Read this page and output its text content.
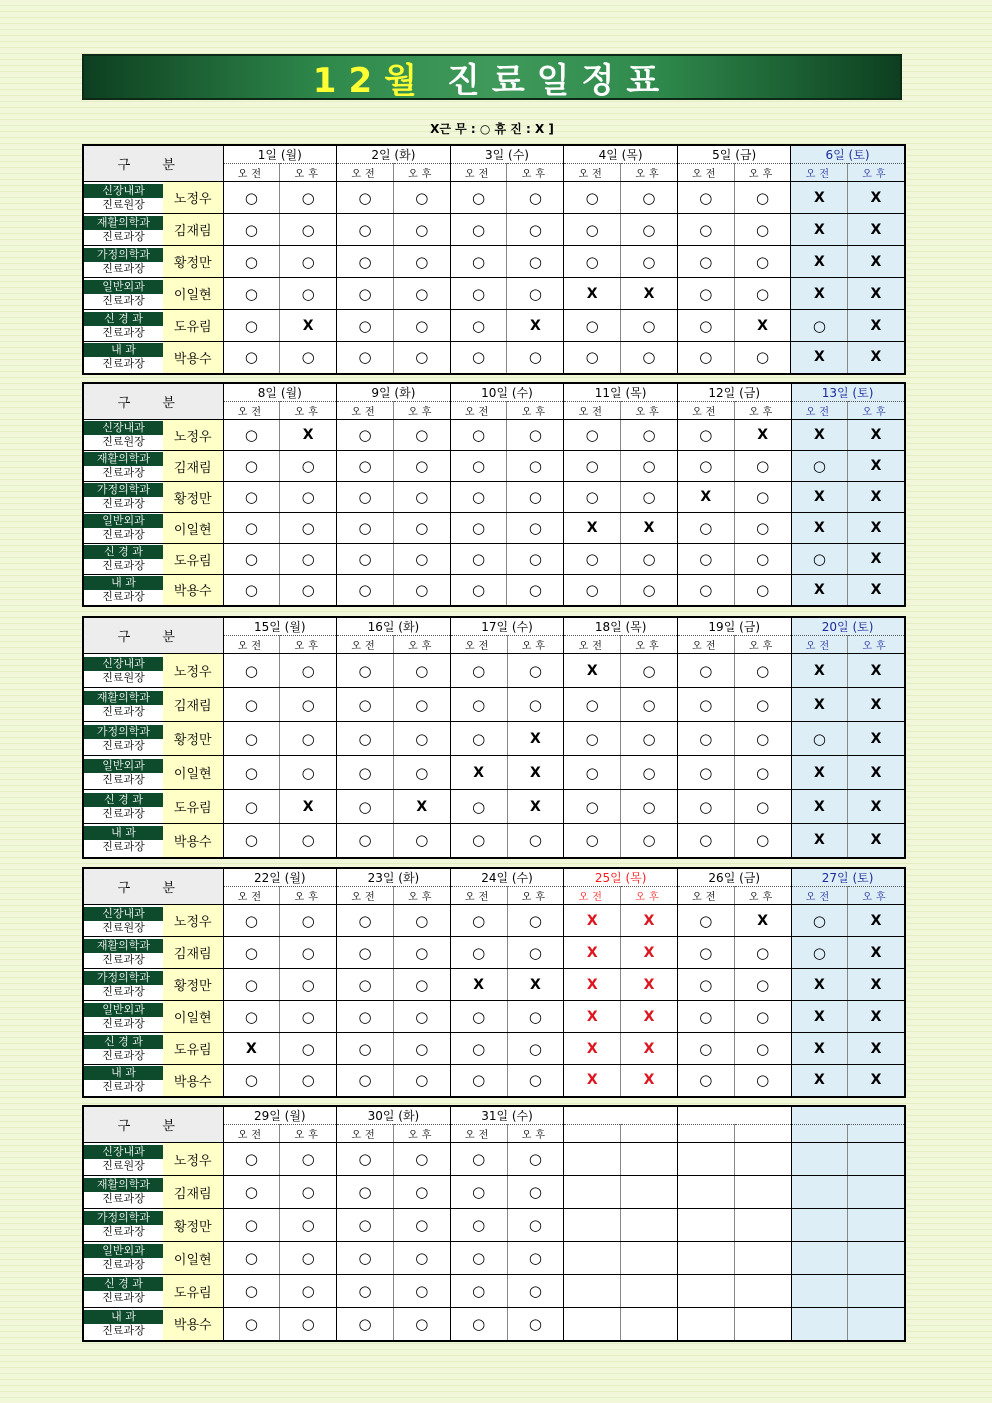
12월 진료일정표
X근 무 : ○ 휴 진 : X ]
구 분		1일 (월)		2일 (화)		3일 (수)		4일 (목)		5일 (금)		6일 (토)	
		오전	오후	오전	오후	오전	오후	오전	오후	오전	오후	오전	오후

신장내과
진료원장	노정우	○	○	○	○	○	○	○	○	○	○	X	X

재활의학과
진료과장	김재림	○	○	○	○	○	○	○	○	○	○	X	X

가정의학과
진료과장	황정만	○	○	○	○	○	○	○	○	○	○	X	X

일반외과
진료과장	이일현	○	○	○	○	○	○	X	X	○	○	X	X

신 경 과
진료과장	도유림	○	X	○	○	○	X	○	○	○	X	○	X

내 과
진료과장	박용수	○	○	○	○	○	○	○	○	○	○	X	X
구 분		8일 (월)		9일 (화)		10일 (수)		11일 (목)		12일 (금)		13일 (토)	
		오전	오후	오전	오후	오전	오후	오전	오후	오전	오후	오전	오후

신장내과
진료원장	노정우	○	X	○	○	○	○	○	○	○	X	X	X

재활의학과
진료과장	김재림	○	○	○	○	○	○	○	○	○	○	○	X

가정의학과
진료과장	황정만	○	○	○	○	○	○	○	○	X	○	X	X

일반외과
진료과장	이일현	○	○	○	○	○	○	X	X	○	○	X	X

신 경 과
진료과장	도유림	○	○	○	○	○	○	○	○	○	○	○	X

내 과
진료과장	박용수	○	○	○	○	○	○	○	○	○	○	X	X
구 분		15일 (월)		16일 (화)		17일 (수)		18일 (목)		19일 (금)		20일 (토)	
		오전	오후	오전	오후	오전	오후	오전	오후	오전	오후	오전	오후

신장내과
진료원장	노정우	○	○	○	○	○	○	X	○	○	○	X	X

재활의학과
진료과장	김재림	○	○	○	○	○	○	○	○	○	○	X	X

가정의학과
진료과장	황정만	○	○	○	○	○	X	○	○	○	○	○	X

일반외과
진료과장	이일현	○	○	○	○	X	X	○	○	○	○	X	X

신 경 과
진료과장	도유림	○	X	○	X	○	X	○	○	○	○	X	X

내 과
진료과장	박용수	○	○	○	○	○	○	○	○	○	○	X	X
구 분		22일 (월)		23일 (화)		24일 (수)		25일 (목)		26일 (금)		27일 (토)	
		오전	오후	오전	오후	오전	오후	오전	오후	오전	오후	오전	오후

신장내과
진료원장	노정우	○	○	○	○	○	○	X	X	○	X	○	X

재활의학과
진료과장	김재림	○	○	○	○	○	○	X	X	○	○	○	X

가정의학과
진료과장	황정만	○	○	○	○	X	X	X	X	○	○	X	X

일반외과
진료과장	이일현	○	○	○	○	○	○	X	X	○	○	X	X

신 경 과
진료과장	도유림	X	○	○	○	○	○	X	X	○	○	X	X

내 과
진료과장	박용수	○	○	○	○	○	○	X	X	○	○	X	X
구 분		29일 (월)		30일 (화)		31일 (수)							
		오전	오후	오전	오후	오전	오후						

신장내과
진료원장	노정우	○	○	○	○	○	○						

재활의학과
진료과장	김재림	○	○	○	○	○	○						

가정의학과
진료과장	황정만	○	○	○	○	○	○						

일반외과
진료과장	이일현	○	○	○	○	○	○						

신 경 과
진료과장	도유림	○	○	○	○	○	○						

내 과
진료과장	박용수	○	○	○	○	○	○						
